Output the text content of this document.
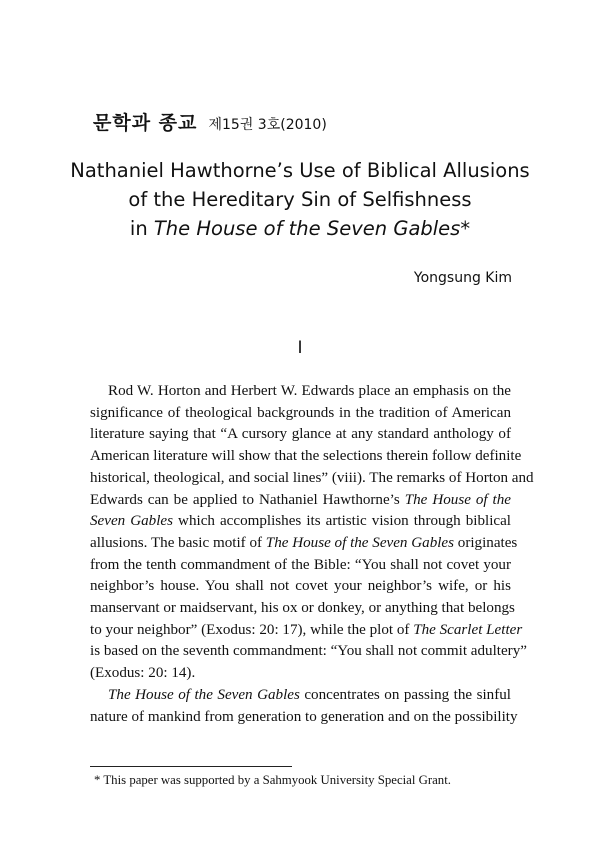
문학과 종교 제15권 3호(2010)
Nathaniel Hawthorne’s Use of Biblical Allusions
of the Hereditary Sin of Selfishness
in The House of the Seven Gables*
Yongsung Kim
I
Rod W. Horton and Herbert W. Edwards place an emphasis on the
significance of theological backgrounds in the tradition of American
literature saying that “A cursory glance at any standard anthology of
American literature will show that the selections therein follow definite
historical, theological, and social lines” (viii). The remarks of Horton and
Edwards can be applied to Nathaniel Hawthorne’s The House of the
Seven Gables which accomplishes its artistic vision through biblical
allusions. The basic motif of The House of the Seven Gables originates
from the tenth commandment of the Bible: “You shall not covet your
neighbor’s house. You shall not covet your neighbor’s wife, or his
manservant or maidservant, his ox or donkey, or anything that belongs
to your neighbor” (Exodus: 20: 17), while the plot of The Scarlet Letter
is based on the seventh commandment: “You shall not commit adultery”
(Exodus: 20: 14).
The House of the Seven Gables concentrates on passing the sinful
nature of mankind from generation to generation and on the possibility
* This paper was supported by a Sahmyook University Special Grant.
